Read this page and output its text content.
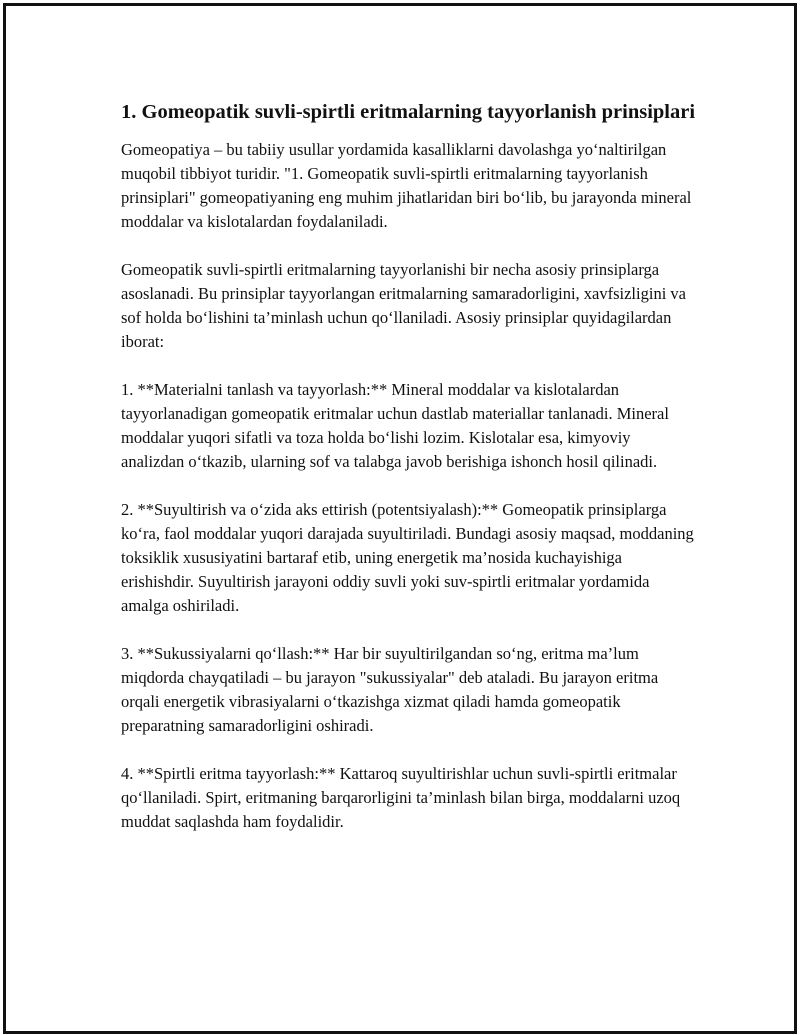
1. Gomeopatik suvli-spirtli eritmalarning tayyorlanish prinsiplari

Gomeopatiya – bu tabiiy usullar yordamida kasalliklarni davolashga yo‘naltirilgan muqobil tibbiyot turidir. "1. Gomeopatik suvli-spirtli eritmalarning tayyorlanish prinsiplari" gomeopatiyaning eng muhim jihatlaridan biri bo‘lib, bu jarayonda mineral moddalar va kislotalardan foydalaniladi.

Gomeopatik suvli-spirtli eritmalarning tayyorlanishi bir necha asosiy prinsiplarga asoslanadi. Bu prinsiplar tayyorlangan eritmalarning samaradorligini, xavfsizligini va sof holda bo‘lishini ta’minlash uchun qo‘llaniladi. Asosiy prinsiplar quyidagilardan iborat:

1. **Materialni tanlash va tayyorlash:** Mineral moddalar va kislotalardan tayyorlanadigan gomeopatik eritmalar uchun dastlab materiallar tanlanadi. Mineral moddalar yuqori sifatli va toza holda bo‘lishi lozim. Kislotalar esa, kimyoviy analizdan o‘tkazib, ularning sof va talabga javob berishiga ishonch hosil qilinadi.

2. **Suyultirish va o‘zida aks ettirish (potentsiyalash):** Gomeopatik prinsiplarga ko‘ra, faol moddalar yuqori darajada suyultiriladi. Bundagi asosiy maqsad, moddaning toksiklik xususiyatini bartaraf etib, uning energetik ma’nosida kuchayishiga erishishdir. Suyultirish jarayoni oddiy suvli yoki suv-spirtli eritmalar yordamida amalga oshiriladi.

3. **Sukussiyalarni qo‘llash:** Har bir suyultirilgandan so‘ng, eritma ma’lum miqdorda chayqatiladi – bu jarayon "sukussiyalar" deb ataladi. Bu jarayon eritma orqali energetik vibrasiyalarni o‘tkazishga xizmat qiladi hamda gomeopatik preparatning samaradorligini oshiradi.

4. **Spirtli eritma tayyorlash:** Kattaroq suyultirishlar uchun suvli-spirtli eritmalar qo‘llaniladi. Spirt, eritmaning barqarorligini ta’minlash bilan birga, moddalarni uzoq muddat saqlashda ham foydalidir.
